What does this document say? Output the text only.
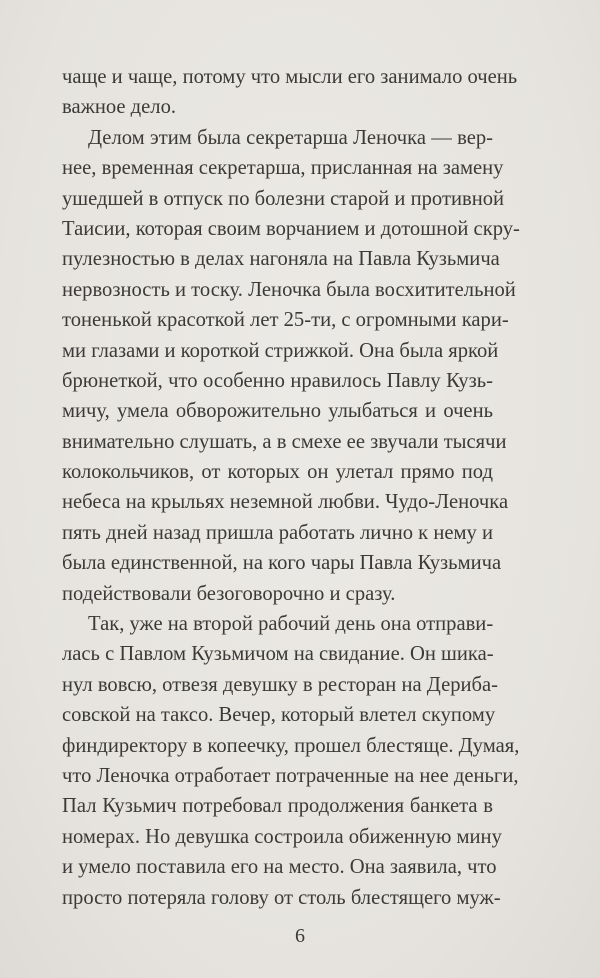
чаще и чаще, потому что мысли его занимало очень
важное дело.
Делом этим была секретарша Леночка — вер-
нее, временная секретарша, присланная на замену
ушедшей в отпуск по болезни старой и противной
Таисии, которая своим ворчанием и дотошной скру-
пулезностью в делах нагоняла на Павла Кузьмича
нервозность и тоску. Леночка была восхитительной
тоненькой красоткой лет 25-ти, с огромными кари-
ми глазами и короткой стрижкой. Она была яркой
брюнеткой, что особенно нравилось Павлу Кузь-
мичу, умела обворожительно улыбаться и очень
внимательно слушать, а в смехе ее звучали тысячи
колокольчиков, от которых он улетал прямо под
небеса на крыльях неземной любви. Чудо-Леночка
пять дней назад пришла работать лично к нему и
была единственной, на кого чары Павла Кузьмича
подействовали безоговорочно и сразу.
Так, уже на второй рабочий день она отправи-
лась с Павлом Кузьмичом на свидание. Он шика-
нул вовсю, отвезя девушку в ресторан на Дериба-
совской на таксо. Вечер, который влетел скупому
финдиректору в копеечку, прошел блестяще. Думая,
что Леночка отработает потраченные на нее деньги,
Пал Кузьмич потребовал продолжения банкета в
номерах. Но девушка состроила обиженную мину
и умело поставила его на место. Она заявила, что
просто потеряла голову от столь блестящего муж-
6
